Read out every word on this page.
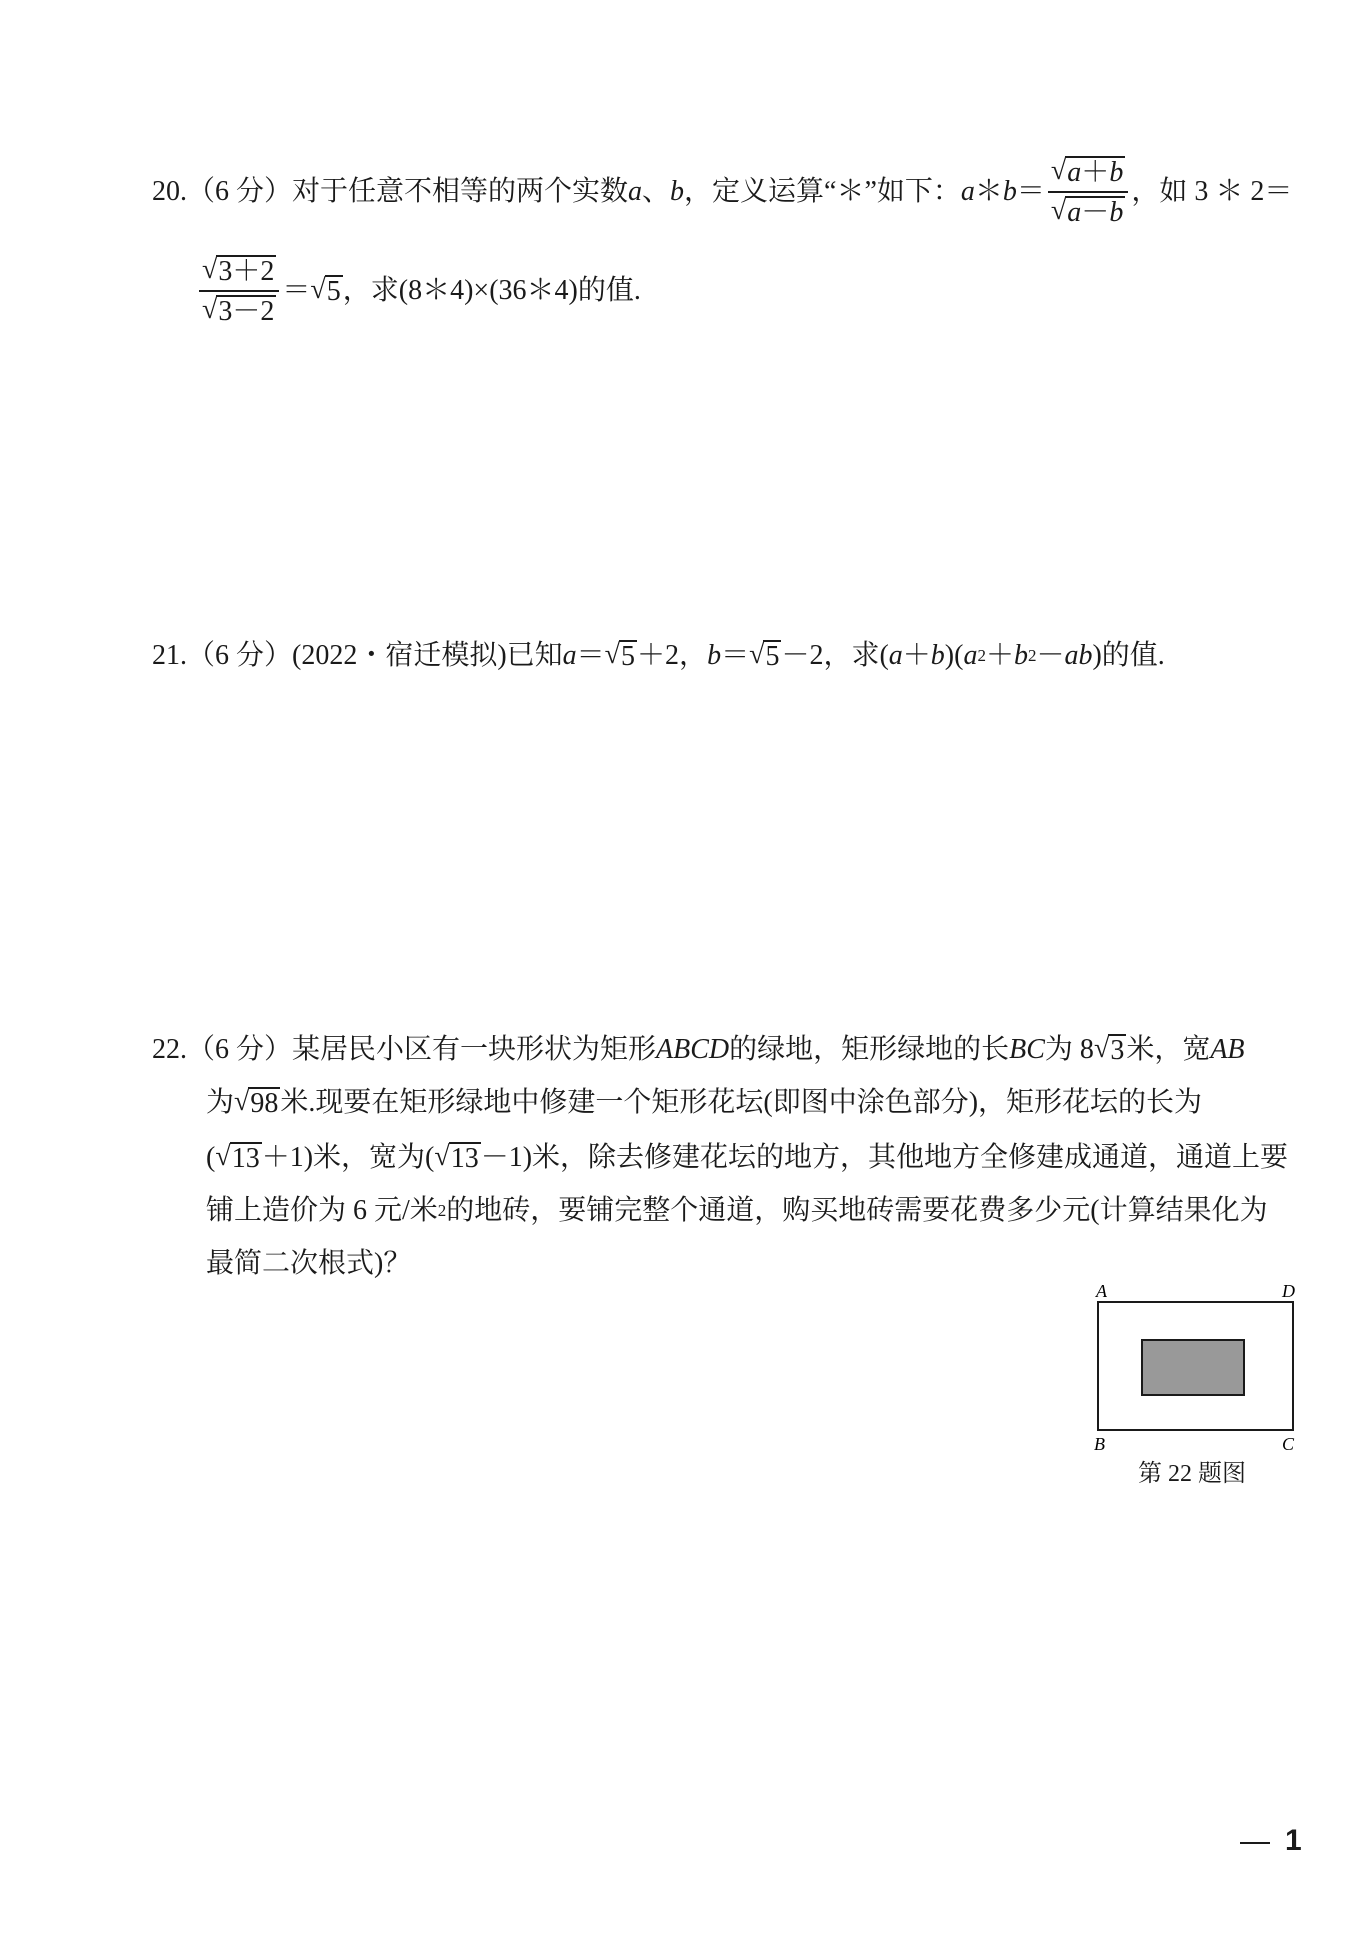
20.（6 分）对于任意不相等的两个实数 a 、 b ，定义运算“＊”如下： a ＊ $b = \frac{√ a+b}{√ a-b}$ ，如 3 ＊ 2＝
$\frac{√ 3+2}{√ 3-2}$ ＝ √ 5 ，求(8＊4)×(36＊4)的值.
21.（6 分）(2022・宿迁模拟)已知 a ＝ √ 5 ＋2， b ＝ √ 5 －2，求( a ＋ b )( a 2 ＋ b 2 － ab )的值.
22.（6 分）某居民小区有一块形状为矩形 ABCD 的绿地，矩形绿地的长 BC 为 8 √ 3 米，宽 AB
为 √ 98 米.现要在矩形绿地中修建一个矩形花坛(即图中涂色部分)，矩形花坛的长为
( √ 13 ＋1)米，宽为( √ 13 －1)米，除去修建花坛的地方，其他地方全修建成通道，通道上要
铺上造价为 6 元/米 2 的地砖，要铺完整个通道，购买地砖需要花费多少元(计算结果化为
最简二次根式)？
A	D
B	C
第 22 题图
1
